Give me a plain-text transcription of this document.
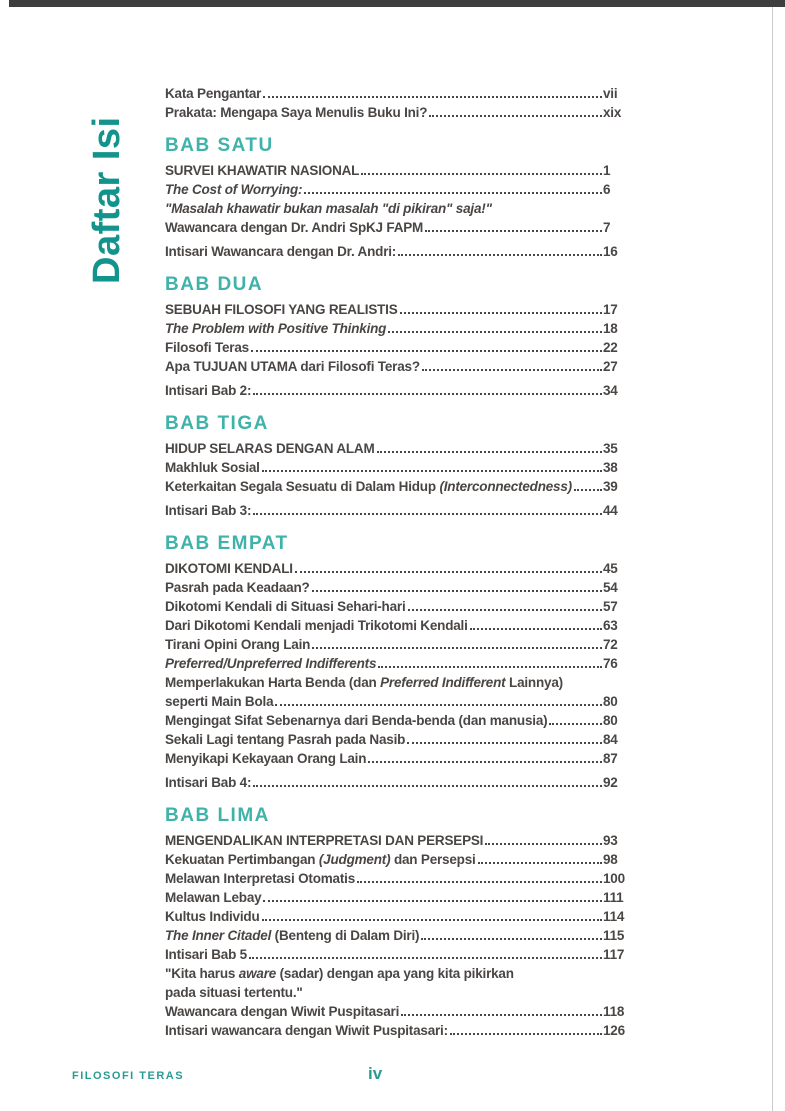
Daftar Isi
Kata Pengantar	vii
Prakata: Mengapa Saya Menulis Buku Ini?	xix
BAB SATU
SURVEI KHAWATIR NASIONAL	1
The Cost of Worrying:	6
"Masalah khawatir bukan masalah "di pikiran" saja!"
Wawancara dengan Dr. Andri SpKJ FAPM	7
Intisari Wawancara dengan Dr. Andri:	16
BAB DUA
SEBUAH FILOSOFI YANG REALISTIS	17
The Problem with Positive Thinking	18
Filosofi Teras	22
Apa TUJUAN UTAMA dari Filosofi Teras?	27
Intisari Bab 2:	34
BAB TIGA
HIDUP SELARAS DENGAN ALAM	35
Makhluk Sosial	38
Keterkaitan Segala Sesuatu di Dalam Hidup (Interconnectedness) 39
Intisari Bab 3:	44
BAB EMPAT
DIKOTOMI KENDALI	45
Pasrah pada Keadaan?	54
Dikotomi Kendali di Situasi Sehari-hari	57
Dari Dikotomi Kendali menjadi Trikotomi Kendali	63
Tirani Opini Orang Lain	72
Preferred/Unpreferred Indifferents	76
Memperlakukan Harta Benda (dan Preferred Indifferent Lainnya)
seperti Main Bola	80
Mengingat Sifat Sebenarnya dari Benda-benda (dan manusia)	80
Sekali Lagi tentang Pasrah pada Nasib	84
Menyikapi Kekayaan Orang Lain	87
Intisari Bab 4:	92
BAB LIMA
MENGENDALIKAN INTERPRETASI DAN PERSEPSI	93
Kekuatan Pertimbangan (Judgment) dan Persepsi	98
Melawan Interpretasi Otomatis	100
Melawan Lebay	111
Kultus Individu	114
The Inner Citadel (Benteng di Dalam Diri)	115
Intisari Bab 5	117
"Kita harus aware (sadar) dengan apa yang kita pikirkan
pada situasi tertentu."
Wawancara dengan Wiwit Puspitasari	118
Intisari wawancara dengan Wiwit Puspitasari:	126
FILOSOFI TERAS	iv
